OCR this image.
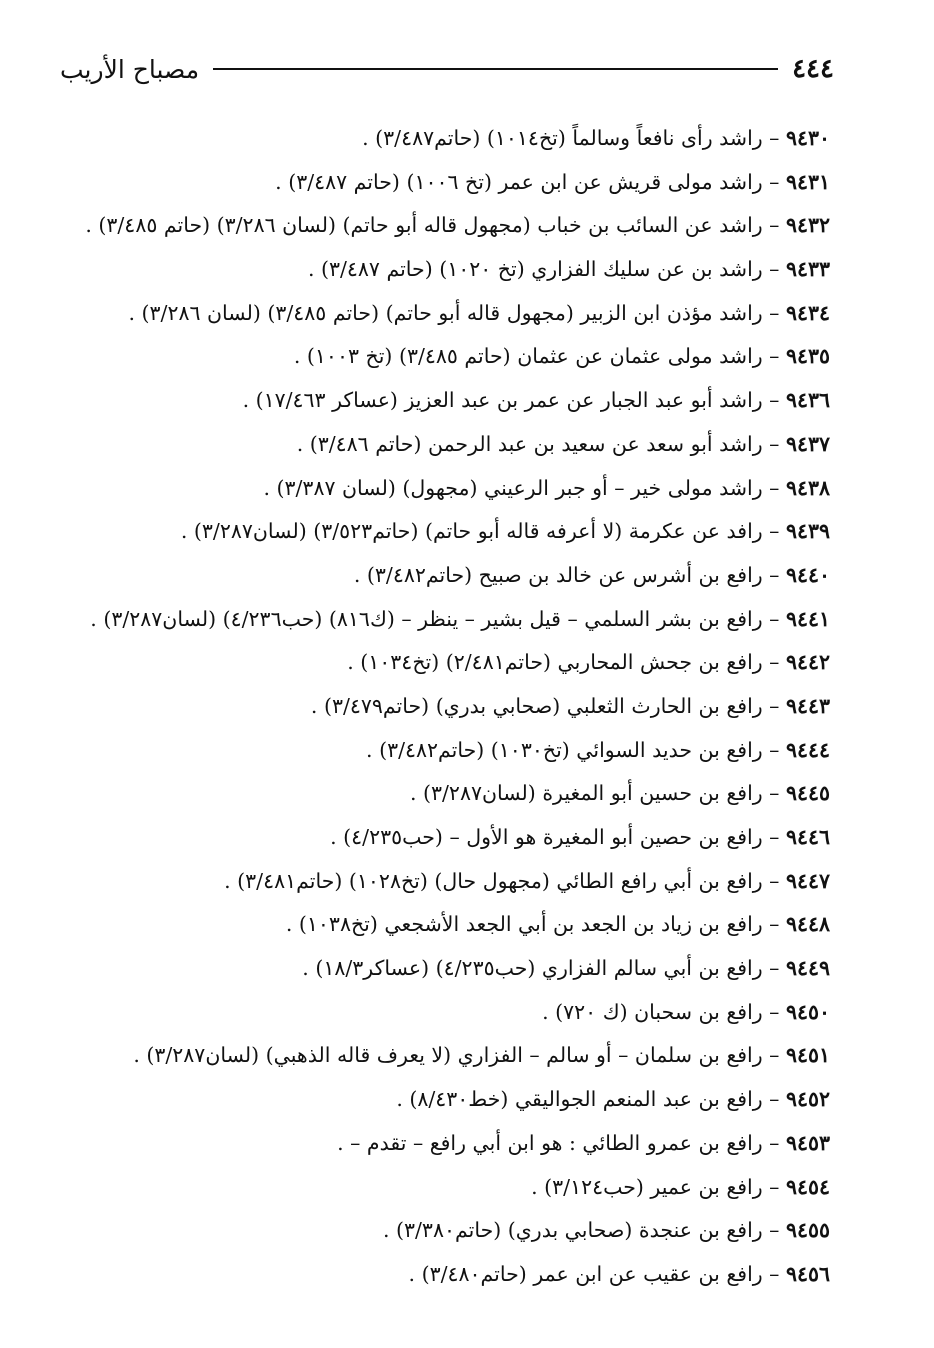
٤٤٤
مصباح الأريب
٩٤٣٠ – راشد رأى نافعاً وسالماً (تخ١٠١٤) (حاتم٣/٤٨٧) .
٩٤٣١ – راشد مولى قريش عن ابن عمر (تخ ١٠٠٦) (حاتم ٣/٤٨٧) .
٩٤٣٢ – راشد عن السائب بن خباب (مجهول قاله أبو حاتم) (لسان ٣/٢٨٦) (حاتم ٣/٤٨٥) .
٩٤٣٣ – راشد بن عن سليك الفزاري (تخ ١٠٢٠) (حاتم ٣/٤٨٧) .
٩٤٣٤ – راشد مؤذن ابن الزبير (مجهول قاله أبو حاتم) (حاتم ٣/٤٨٥) (لسان ٣/٢٨٦) .
٩٤٣٥ – راشد مولى عثمان عن عثمان (حاتم ٣/٤٨٥) (تخ ١٠٠٣) .
٩٤٣٦ – راشد أبو عبد الجبار عن عمر بن عبد العزيز (عساكر ١٧/٤٦٣) .
٩٤٣٧ – راشد أبو سعد عن سعيد بن عبد الرحمن (حاتم ٣/٤٨٦) .
٩٤٣٨ – راشد مولى خير – أو جبر الرعيني (مجهول) (لسان ٣/٣٨٧) .
٩٤٣٩ – رافد عن عكرمة (لا أعرفه قاله أبو حاتم) (حاتم٣/٥٢٣) (لسان٣/٢٨٧) .
٩٤٤٠ – رافع بن أشرس عن خالد بن صبيح (حاتم٣/٤٨٢) .
٩٤٤١ – رافع بن بشر السلمي – قيل بشير – ينظر – (ك٨١٦) (حب٤/٢٣٦) (لسان٣/٢٨٧) .
٩٤٤٢ – رافع بن جحش المحاربي (حاتم٢/٤٨١) (تخ١٠٣٤) .
٩٤٤٣ – رافع بن الحارث الثعلبي (صحابي بدري) (حاتم٣/٤٧٩) .
٩٤٤٤ – رافع بن حديد السوائي (تخ١٠٣٠) (حاتم٣/٤٨٢) .
٩٤٤٥ – رافع بن حسين أبو المغيرة (لسان٣/٢٨٧) .
٩٤٤٦ – رافع بن حصين أبو المغيرة هو الأول – (حب٤/٢٣٥) .
٩٤٤٧ – رافع بن أبي رافع الطائي (مجهول حال) (تخ١٠٢٨) (حاتم٣/٤٨١) .
٩٤٤٨ – رافع بن زياد بن الجعد بن أبي الجعد الأشجعي (تخ١٠٣٨) .
٩٤٤٩ – رافع بن أبي سالم الفزاري (حب٤/٢٣٥) (عساكر١٨/٣) .
٩٤٥٠ – رافع بن سحبان (ك ٧٢٠) .
٩٤٥١ – رافع بن سلمان – أو سالم – الفزاري (لا يعرف قاله الذهبي) (لسان٣/٢٨٧) .
٩٤٥٢ – رافع بن عبد المنعم الجواليقي (خط٨/٤٣٠) .
٩٤٥٣ – رافع بن عمرو الطائي : هو ابن أبي رافع – تقدم – .
٩٤٥٤ – رافع بن عمير (حب٣/١٢٤) .
٩٤٥٥ – رافع بن عنجدة (صحابي بدري) (حاتم٣/٣٨٠) .
٩٤٥٦ – رافع بن عقيب عن ابن عمر (حاتم٣/٤٨٠) .
